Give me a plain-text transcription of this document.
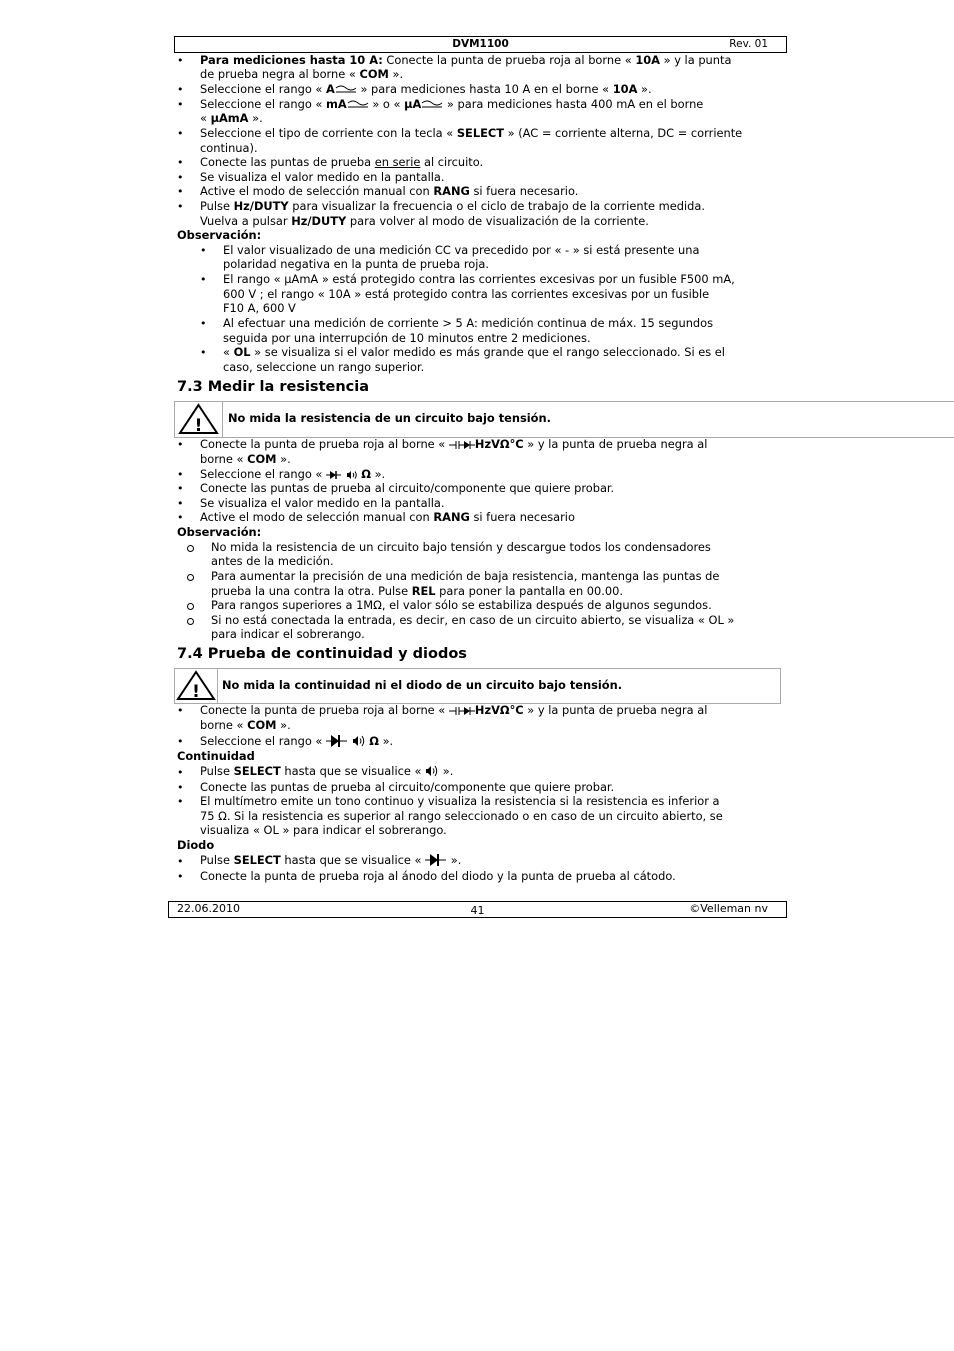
DVM1100	Rev. 01
• Para mediciones hasta 10 A: Conecte la punta de prueba roja al borne « 10A » y la punta
de prueba negra al borne « COM ».
• Seleccione el rango « A » para mediciones hasta 10 A en el borne « 10A ».
• Seleccione el rango « mA » o « µA » para mediciones hasta 400 mA en el borne
« µAmA ».
• Seleccione el tipo de corriente con la tecla « SELECT » (AC = corriente alterna, DC = corriente
continua).
• Conecte las puntas de prueba en serie al circuito.
• Se visualiza el valor medido en la pantalla.
• Active el modo de selección manual con RANG si fuera necesario.
• Pulse Hz/DUTY para visualizar la frecuencia o el ciclo de trabajo de la corriente medida.
Vuelva a pulsar Hz/DUTY para volver al modo de visualización de la corriente.
Observación:
• El valor visualizado de una medición CC va precedido por « - » si está presente una
polaridad negativa en la punta de prueba roja.
• El rango « µAmA » está protegido contra las corrientes excesivas por un fusible F500 mA,
600 V ; el rango « 10A » está protegido contra las corrientes excesivas por un fusible
F10 A, 600 V
• Al efectuar una medición de corriente > 5 A: medición continua de máx. 15 segundos
seguida por una interrupción de 10 minutos entre 2 mediciones.
• « OL » se visualiza si el valor medido es más grande que el rango seleccionado. Si es el
caso, seleccione un rango superior.
7.3 Medir la resistencia
! No mida la resistencia de un circuito bajo tensión.
• Conecte la punta de prueba roja al borne « HzVΩ°C » y la punta de prueba negra al
borne « COM ».
• Seleccione el rango «	Ω ».
• Conecte las puntas de prueba al circuito/componente que quiere probar.
• Se visualiza el valor medido en la pantalla.
• Active el modo de selección manual con RANG si fuera necesario
Observación:
No mida la resistencia de un circuito bajo tensión y descargue todos los condensadores
antes de la medición.
Para aumentar la precisión de una medición de baja resistencia, mantenga las puntas de
prueba la una contra la otra. Pulse REL para poner la pantalla en 00.00.
Para rangos superiores a 1MΩ, el valor sólo se estabiliza después de algunos segundos.
Si no está conectada la entrada, es decir, en caso de un circuito abierto, se visualiza « OL »
para indicar el sobrerango.
7.4 Prueba de continuidad y diodos
! No mida la continuidad ni el diodo de un circuito bajo tensión.
• Conecte la punta de prueba roja al borne « HzVΩ°C » y la punta de prueba negra al
borne « COM ».
• Seleccione el rango «	Ω ».
Continuidad
• Pulse SELECT hasta que se visualice «  ».
• Conecte las puntas de prueba al circuito/componente que quiere probar.
• El multímetro emite un tono continuo y visualiza la resistencia si la resistencia es inferior a
75 Ω. Si la resistencia es superior al rango seleccionado o en caso de un circuito abierto, se
visualiza « OL » para indicar el sobrerango.
Diodo
• Pulse SELECT hasta que se visualice «  ».
• Conecte la punta de prueba roja al ánodo del diodo y la punta de prueba al cátodo.
22.06.2010	41	©Velleman nv
